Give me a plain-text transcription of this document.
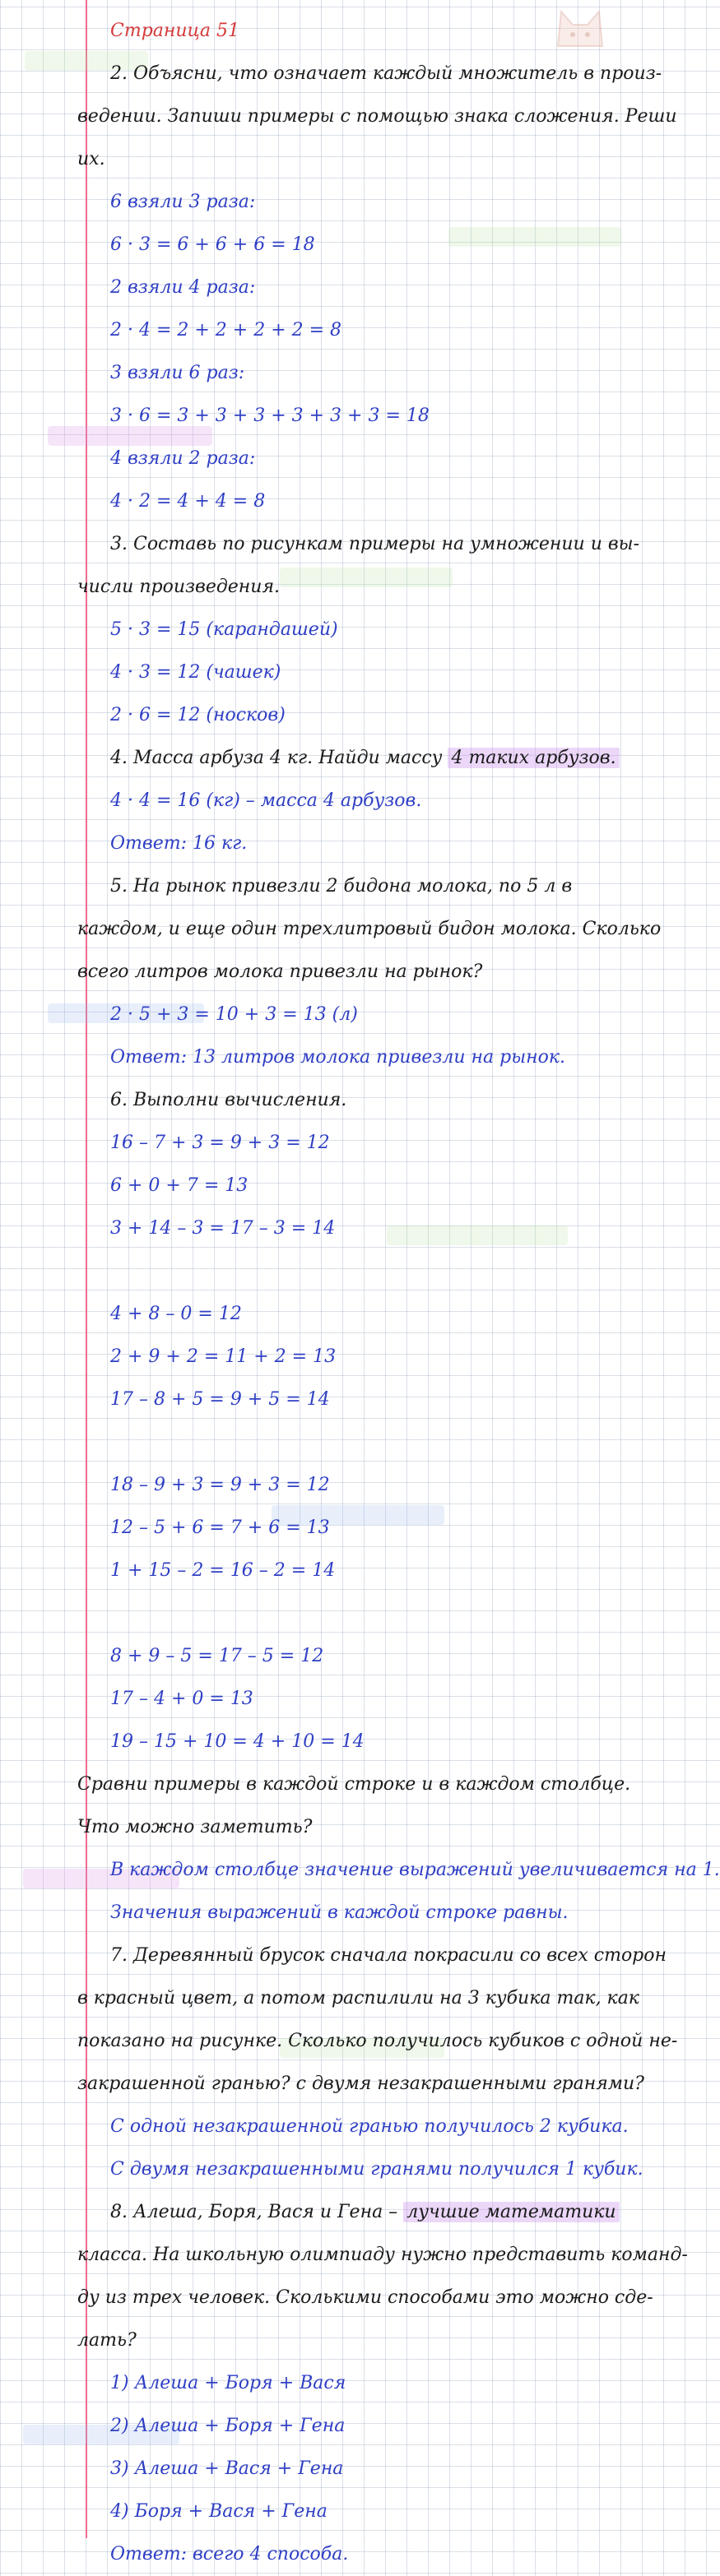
Страница 51
2. Объясни, что означает каждый множитель в произ-
ведении. Запиши примеры с помощью знака сложения. Реши
их.
6 взяли 3 раза:
6 · 3 = 6 + 6 + 6 = 18
2 взяли 4 раза:
2 · 4 = 2 + 2 + 2 + 2 = 8
3 взяли 6 раз:
3 · 6 = 3 + 3 + 3 + 3 + 3 + 3 = 18
4 взяли 2 раза:
4 · 2 = 4 + 4 = 8
3. Составь по рисункам примеры на умножении и вы-
числи произведения.
5 · 3 = 15 (карандашей)
4 · 3 = 12 (чашек)
2 · 6 = 12 (носков)
4. Масса арбуза 4 кг. Найди массу 4 таких арбузов.
4 · 4 = 16 (кг) – масса 4 арбузов.
Ответ: 16 кг.
5. На рынок привезли 2 бидона молока, по 5 л в
каждом, и еще один трехлитровый бидон молока. Сколько
всего литров молока привезли на рынок?
2 · 5 + 3 = 10 + 3 = 13 (л)
Ответ: 13 литров молока привезли на рынок.
6. Выполни вычисления.
16 – 7 + 3 = 9 + 3 = 12
6 + 0 + 7 = 13
3 + 14 – 3 = 17 – 3 = 14
4 + 8 – 0 = 12
2 + 9 + 2 = 11 + 2 = 13
17 – 8 + 5 = 9 + 5 = 14
18 – 9 + 3 = 9 + 3 = 12
12 – 5 + 6 = 7 + 6 = 13
1 + 15 – 2 = 16 – 2 = 14
8 + 9 – 5 = 17 – 5 = 12
17 – 4 + 0 = 13
19 – 15 + 10 = 4 + 10 = 14
Сравни примеры в каждой строке и в каждом столбце.
Что можно заметить?
В каждом столбце значение выражений увеличивается на 1.
Значения выражений в каждой строке равны.
7. Деревянный брусок сначала покрасили со всех сторон
в красный цвет, а потом распилили на 3 кубика так, как
показано на рисунке. Сколько получилось кубиков с одной не-
закрашенной гранью? с двумя незакрашенными гранями?
С одной незакрашенной гранью получилось 2 кубика.
С двумя незакрашенными гранями получился 1 кубик.
8. Алеша, Боря, Вася и Гена – лучшие математики
класса. На школьную олимпиаду нужно представить команд-
ду из трех человек. Сколькими способами это можно сде-
лать?
1) Алеша + Боря + Вася
2) Алеша + Боря + Гена
3) Алеша + Вася + Гена
4) Боря + Вася + Гена
Ответ: всего 4 способа.
